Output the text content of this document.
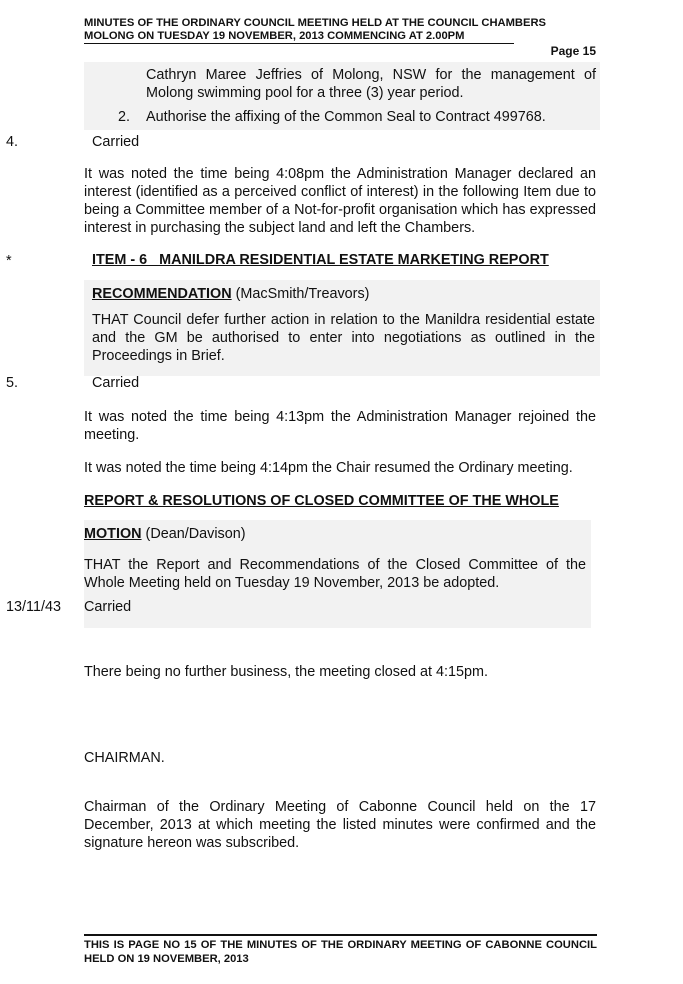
MINUTES OF THE ORDINARY COUNCIL MEETING HELD AT THE COUNCIL CHAMBERS
MOLONG ON TUESDAY 19 NOVEMBER, 2013 COMMENCING AT 2.00PM
Page 15
Cathryn Maree Jeffries of Molong, NSW for the management of Molong swimming pool for a three (3) year period.
2. Authorise the affixing of the Common Seal to Contract 499768.
4.	Carried
It was noted the time being 4:08pm the Administration Manager declared an interest (identified as a perceived conflict of interest) in the following Item due to being a Committee member of a Not-for-profit organisation which has expressed interest in purchasing the subject land and left the Chambers.
*	ITEM - 6   MANILDRA RESIDENTIAL ESTATE MARKETING REPORT
RECOMMENDATION (MacSmith/Treavors)
THAT Council defer further action in relation to the Manildra residential estate and the GM be authorised to enter into negotiations as outlined in the Proceedings in Brief.
5.	Carried
It was noted the time being 4:13pm the Administration Manager rejoined the meeting.
It was noted the time being 4:14pm the Chair resumed the Ordinary meeting.
REPORT & RESOLUTIONS OF CLOSED COMMITTEE OF THE WHOLE
MOTION (Dean/Davison)
THAT the Report and Recommendations of the Closed Committee of the Whole Meeting held on Tuesday 19 November, 2013 be adopted.
13/11/43 Carried
There being no further business, the meeting closed at 4:15pm.
CHAIRMAN.
Chairman of the Ordinary Meeting of Cabonne Council held on the 17 December, 2013 at which meeting the listed minutes were confirmed and the signature hereon was subscribed.
THIS IS PAGE NO 15 OF THE MINUTES OF THE ORDINARY MEETING OF CABONNE COUNCIL HELD ON 19 NOVEMBER, 2013
